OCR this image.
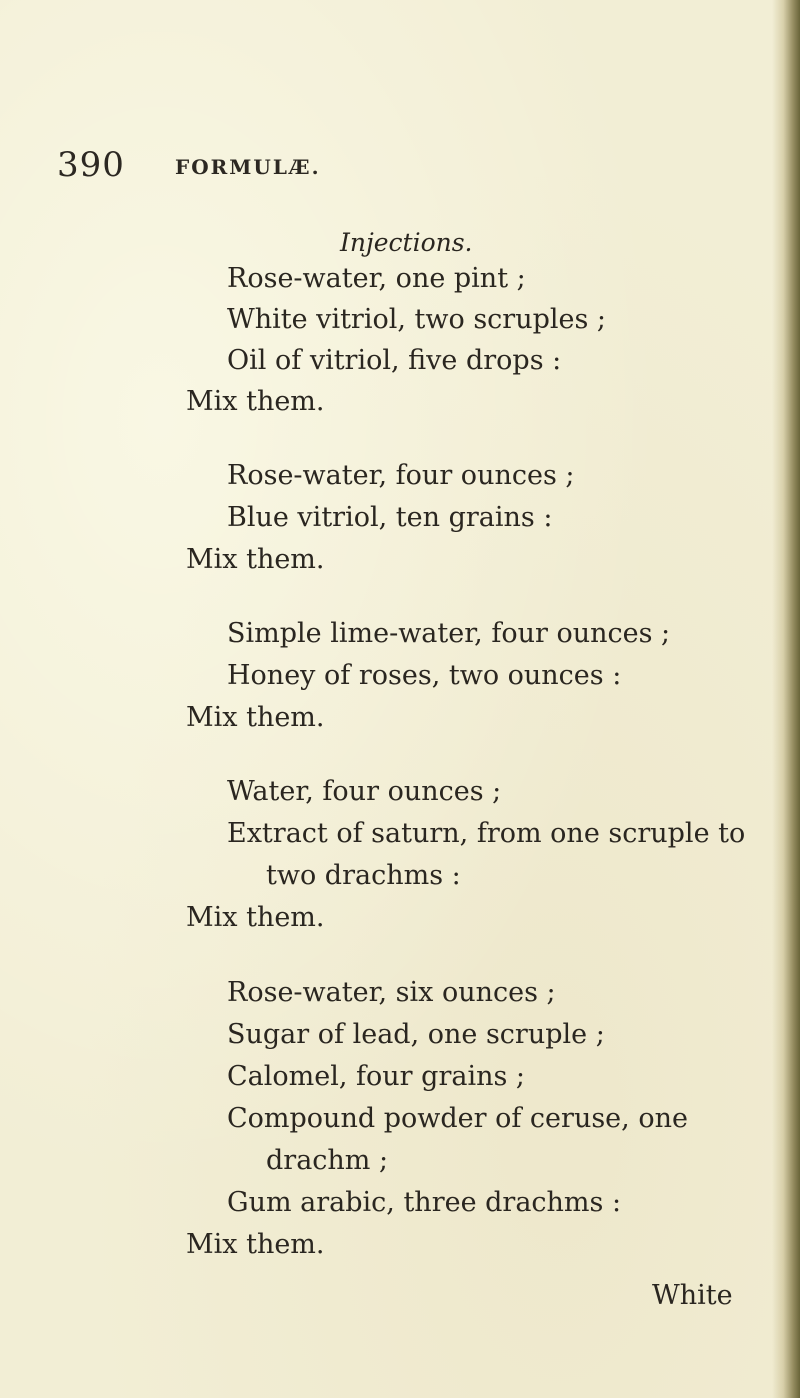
390	FORMULÆ.
Injections.
Rose-water, one pint ;
White vitriol, two scruples ;
Oil of vitriol, five drops :
Mix them.
Rose-water, four ounces ;
Blue vitriol, ten grains :
Mix them.
Simple lime-water, four ounces ;
Honey of roses, two ounces :
Mix them.
Water, four ounces ;
Extract of saturn, from one scruple to
two drachms :
Mix them.
Rose-water, six ounces ;
Sugar of lead, one scruple ;
Calomel, four grains ;
Compound powder of ceruse, one
drachm ;
Gum arabic, three drachms :
Mix them.
White
